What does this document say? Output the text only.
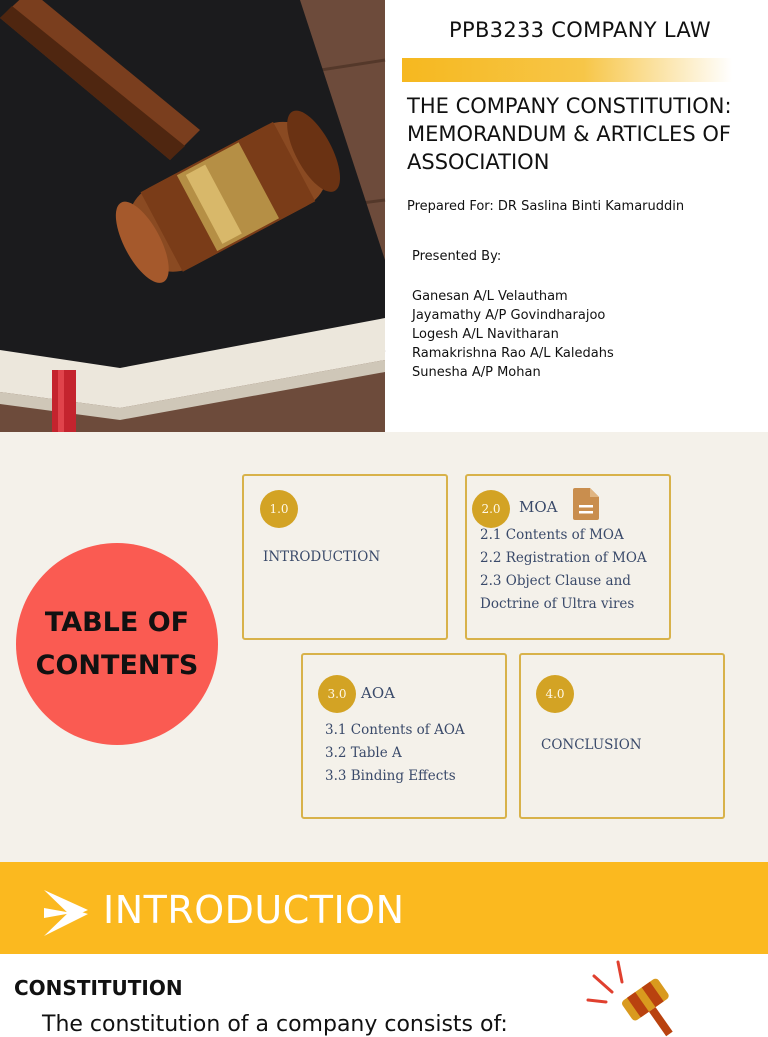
PPB3233 COMPANY LAW
THE COMPANY CONSTITUTION:
MEMORANDUM & ARTICLES OF
ASSOCIATION
Prepared For: DR Saslina Binti Kamaruddin
Presented By:
Ganesan A/L Velautham
Jayamathy A/P Govindharajoo
Logesh A/L Navitharan
Ramakrishna Rao A/L Kaledahs
Sunesha A/P Mohan
TABLE OF
CONTENTS
1.0
INTRODUCTION
2.0	MOA
2.1 Contents of MOA
2.2 Registration of MOA
2.3 Object Clause and
Doctrine of Ultra vires
3.0 AOA
3.1 Contents of AOA
3.2 Table A
3.3 Binding Effects
4.0
CONCLUSION
INTRODUCTION
CONSTITUTION
The constitution of a company consists of:
